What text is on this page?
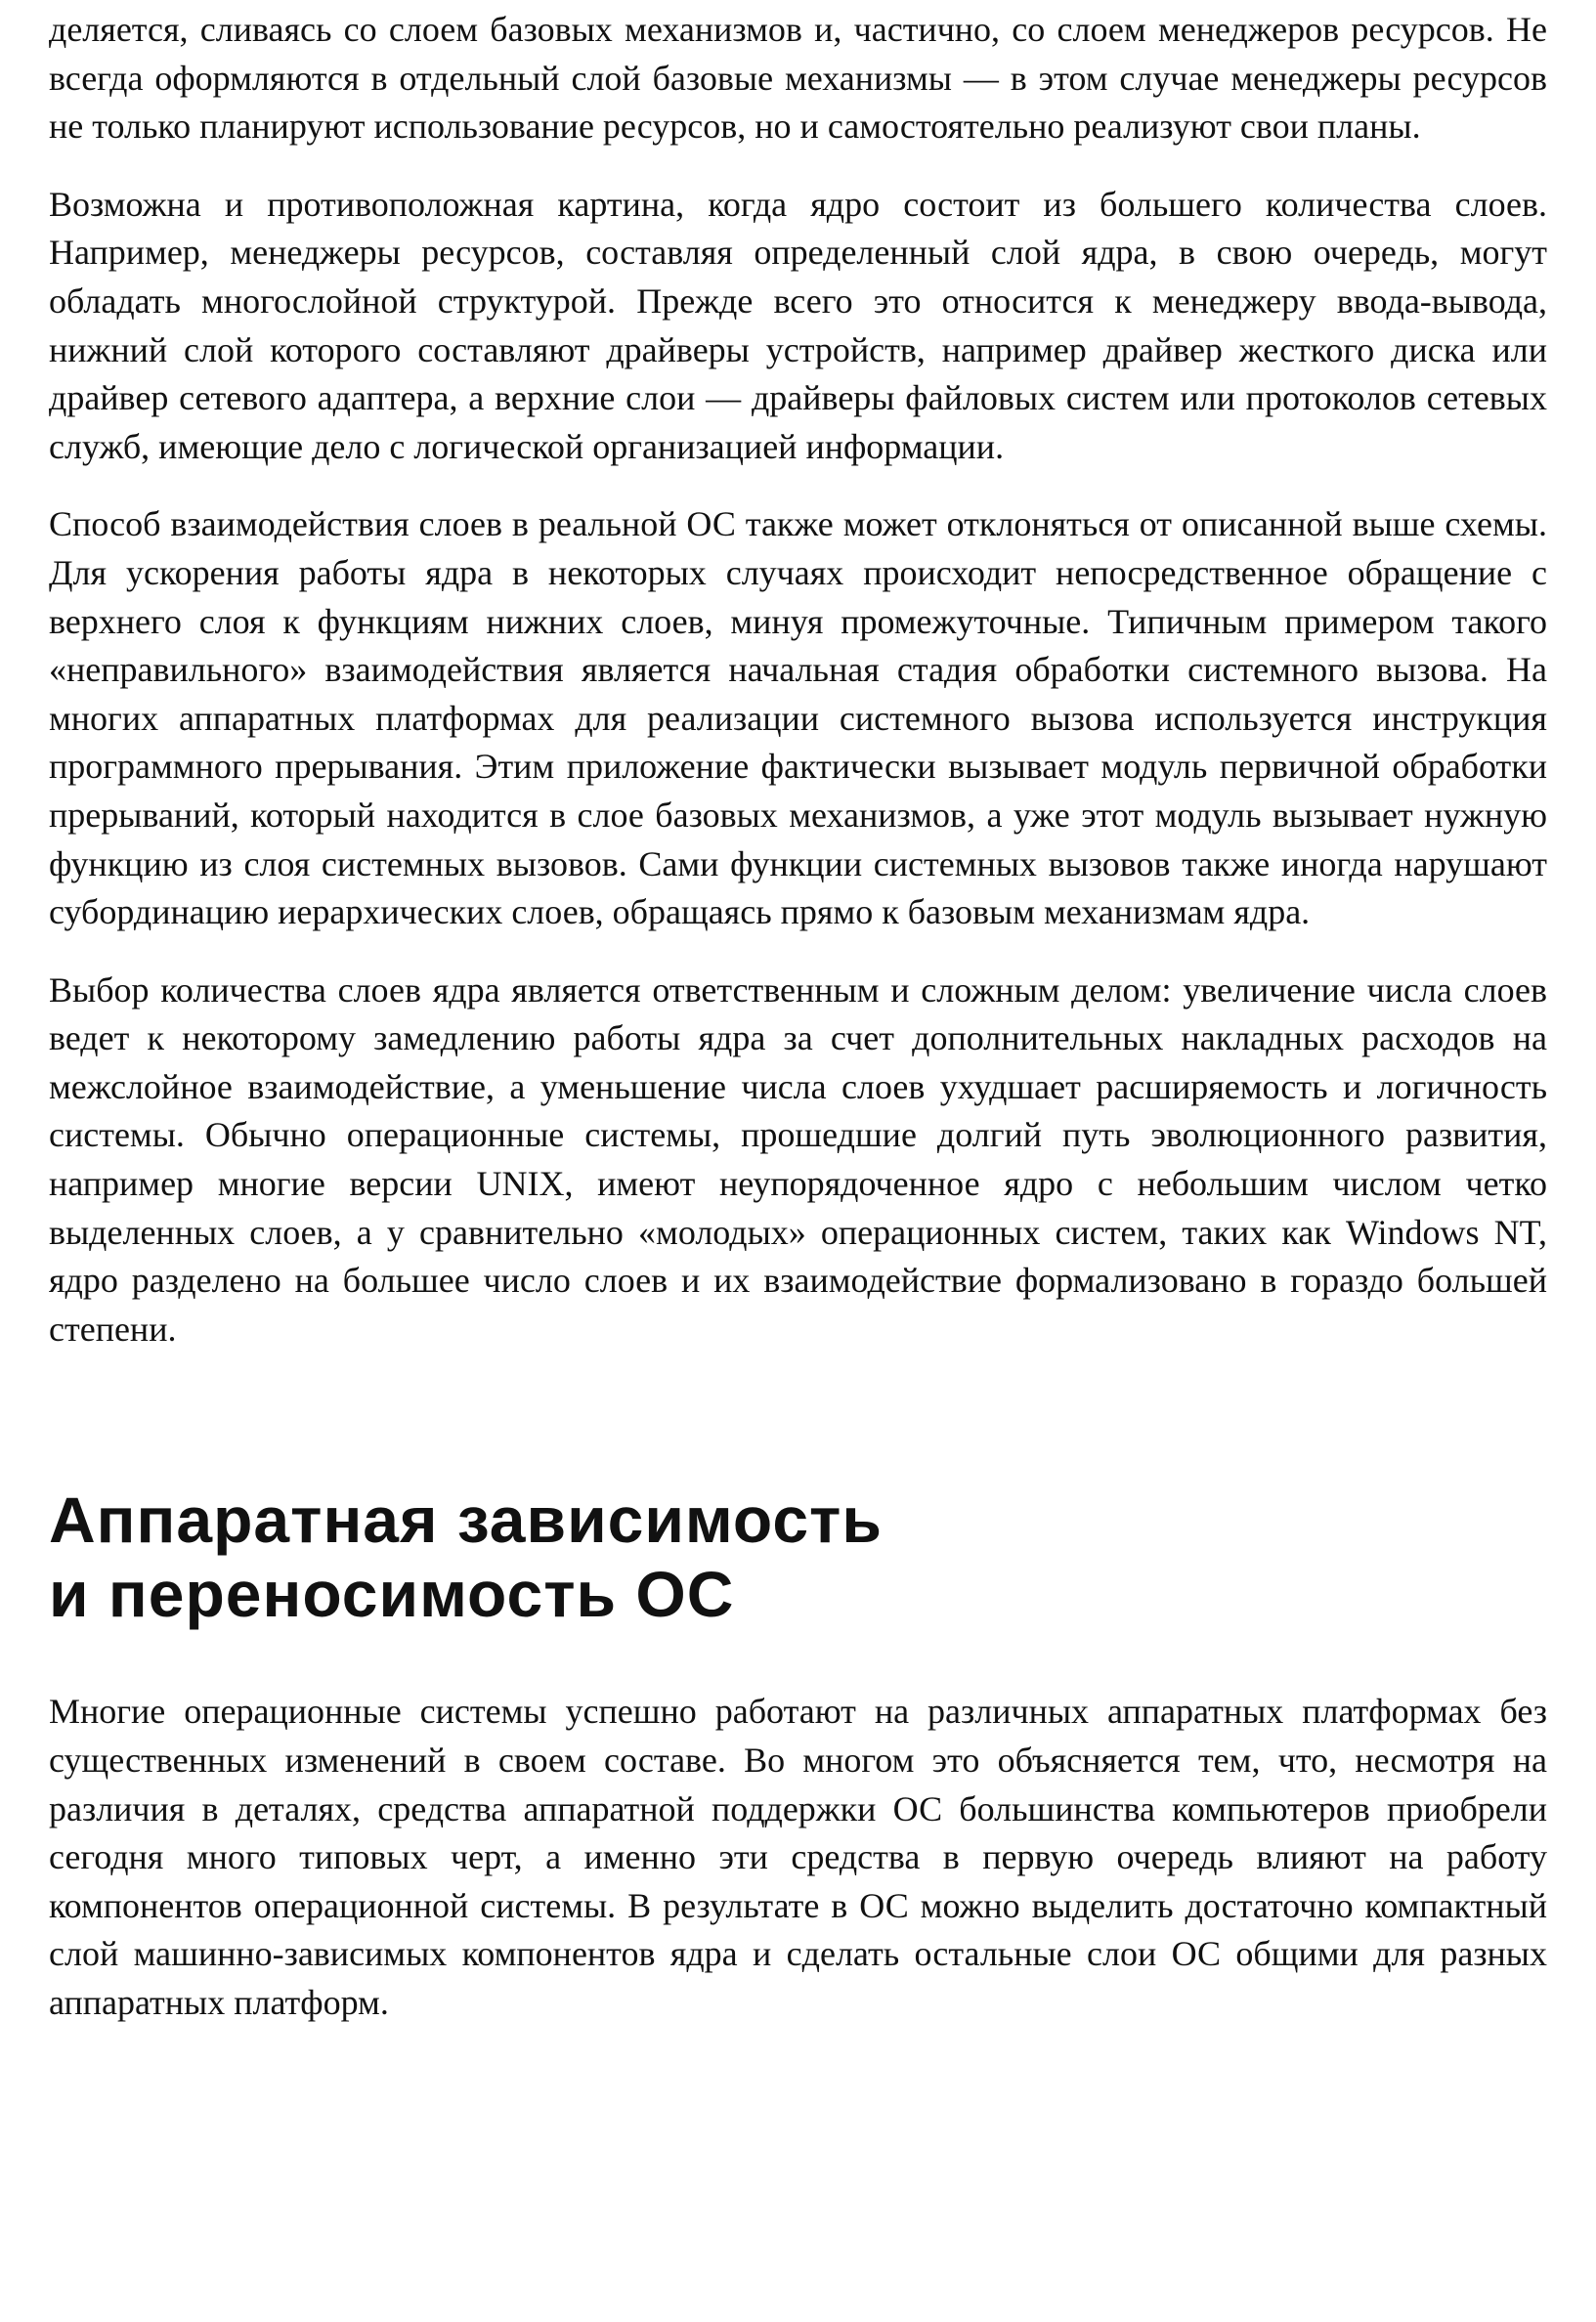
деляется, сливаясь со слоем базовых механизмов и, частично, со слоем менеджеров ресурсов. Не всегда оформляются в отдельный слой базовые механизмы — в этом случае менеджеры ресурсов не только планируют использование ресурсов, но и самостоятельно реализуют свои планы.

Возможна и противоположная картина, когда ядро состоит из большего количества слоев. Например, менеджеры ресурсов, составляя определенный слой ядра, в свою очередь, могут обладать многослойной структурой. Прежде всего это относится к менеджеру ввода-вывода, нижний слой которого составляют драйверы устройств, например драйвер жесткого диска или драйвер сетевого адаптера, а верхние слои — драйверы файловых систем или протоколов сетевых служб, имеющие дело с логической организацией информации.

Способ взаимодействия слоев в реальной ОС также может отклоняться от описанной выше схемы. Для ускорения работы ядра в некоторых случаях происходит непосредственное обращение с верхнего слоя к функциям нижних слоев, минуя промежуточные. Типичным примером такого «неправильного» взаимодействия является начальная стадия обработки системного вызова. На многих аппаратных платформах для реализации системного вызова используется инструкция программного прерывания. Этим приложение фактически вызывает модуль первичной обработки прерываний, который находится в слое базовых механизмов, а уже этот модуль вызывает нужную функцию из слоя системных вызовов. Сами функции системных вызовов также иногда нарушают субординацию иерархических слоев, обращаясь прямо к базовым механизмам ядра.

Выбор количества слоев ядра является ответственным и сложным делом: увеличение числа слоев ведет к некоторому замедлению работы ядра за счет дополнительных накладных расходов на межслойное взаимодействие, а уменьшение числа слоев ухудшает расширяемость и логичность системы. Обычно операционные системы, прошедшие долгий путь эволюционного развития, например многие версии UNIX, имеют неупорядоченное ядро с небольшим числом четко выделенных слоев, а у сравнительно «молодых» операционных систем, таких как Windows NT, ядро разделено на большее число слоев и их взаимодействие формализовано в гораздо большей степени.

Аппаратная зависимость
и переносимость ОС

Многие операционные системы успешно работают на различных аппаратных платформах без существенных изменений в своем составе. Во многом это объясняется тем, что, несмотря на различия в деталях, средства аппаратной поддержки ОС большинства компьютеров приобрели сегодня много типовых черт, а именно эти средства в первую очередь влияют на работу компонентов операционной системы. В результате в ОС можно выделить достаточно компактный слой машинно-зависимых компонентов ядра и сделать остальные слои ОС общими для разных аппаратных платформ.
